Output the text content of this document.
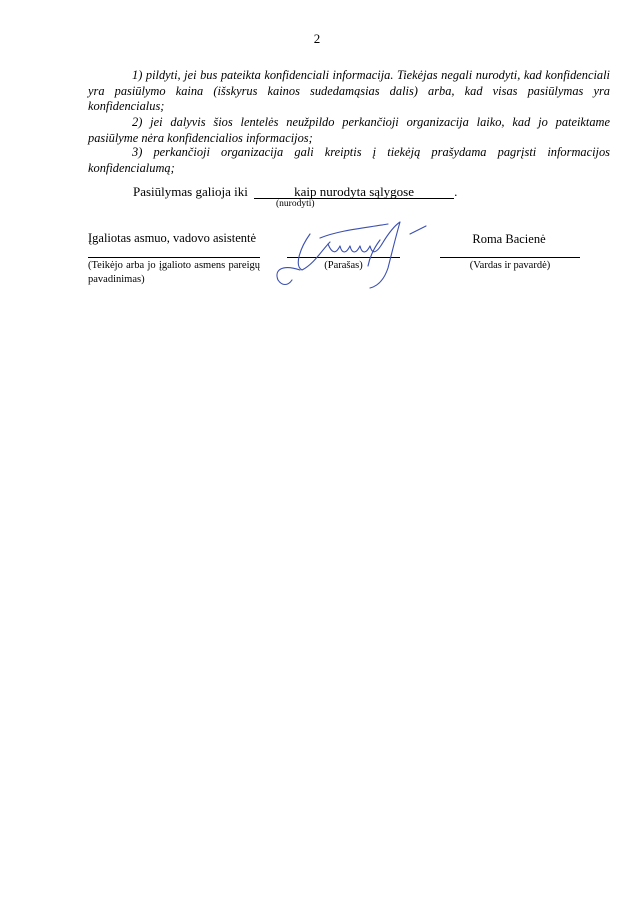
2
1) pildyti, jei bus pateikta konfidenciali informacija. Tiekėjas negali nurodyti, kad konfidenciali yra pasiūlymo kaina (išskyrus kainos sudedamąsias dalis) arba, kad visas pasiūlymas yra konfidencialus;
2) jei dalyvis šios lentelės neužpildo perkančioji organizacija laiko, kad jo pateiktame pasiūlyme nėra konfidencialios informacijos;
3) perkančioji organizacija gali kreiptis į tiekėją prašydama pagrįsti informacijos konfidencialumą;
Pasiūlymas galioja iki	kaip nurodyta sąlygose	.
(nurodyti)
Įgaliotas asmuo, vadovo asistentė
(Teikėjo arba jo įgalioto asmens pareigų pavadinimas)
(Parašas)
Roma Bacienė
(Vardas ir pavardė)
